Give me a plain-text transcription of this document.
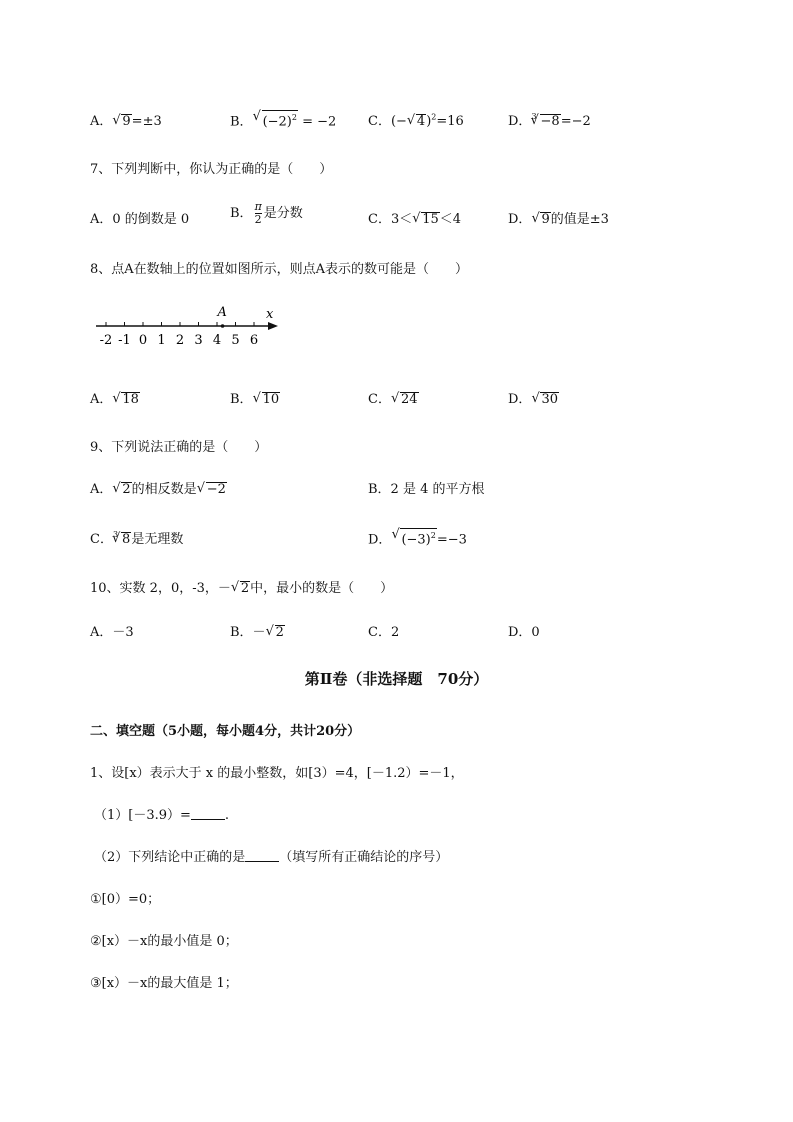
A． √ 9=±3	B． √ $(-2)^2 = -2$ C．(− √ 4)$^2$=16	D．$^3$ √ −8=−2
7、下列判断中，你认为正确的是（　　）
A．0 的倒数是 0	B． $\frac{\pi}{2}$ 是分数	C．3＜ √ 15＜4	D． √ 9的值是±3
8、点A在数轴上的位置如图所示，则点A表示的数可能是（　　）
-2 -1 0 1 2 3 4 5 6
A	x
A． √ 18	B． √ 10	C． √ 24	D． √ 30
9、下列说法正确的是（　　）
A． √ 2的相反数是 √ −2	B．2 是 4 的平方根
C．$^3$ √ 8是无理数	D． √ $(-3)^2=-3$
10、实数 2，0，-3，－ √ 2中，最小的数是（　　）
A．－3	B．－ √ 2	C．2	D．0
第Ⅱ卷（非选择题　70分）
二、填空题（5小题，每小题4分，共计20分）
1、设[x）表示大于 x 的最小整数，如[3）=4，[－1.2）=－1，
（1）[－3.9）=	.
（2）下列结论中正确的是	（填写所有正确结论的序号）
①[0）=0；
②[x）－x的最小值是 0；
③[x）－x的最大值是 1；
